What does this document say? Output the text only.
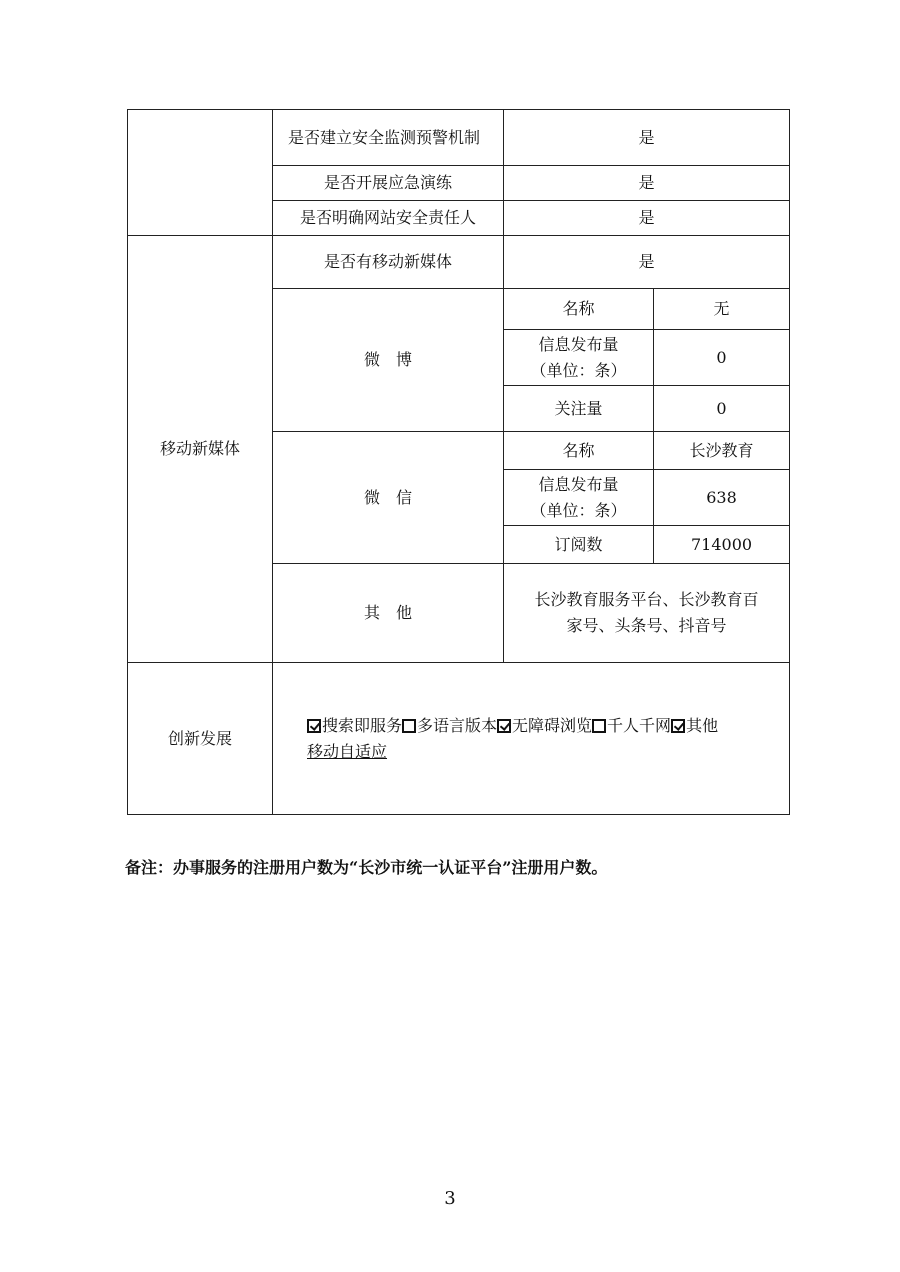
	是否建立安全监测预警机制	是	
	是否开展应急演练	是	
	是否明确网站安全责任人	是	
移动新媒体	是否有移动新媒体	是	
	微　博	名称	无

		信息发布量
（单位：条）	0
		关注量	0
	微　信	名称	长沙教育

		信息发布量
（单位：条）	638
		订阅数	714000
	其　他	长沙教育服务平台、长沙教育百
家号、头条号、抖音号	

创新发展	搜索即服务 多语言版本 无障碍浏览 千人千网 其他
移动自适应		
备注：办事服务的注册用户数为“长沙市统一认证平台”注册用户数。
3
